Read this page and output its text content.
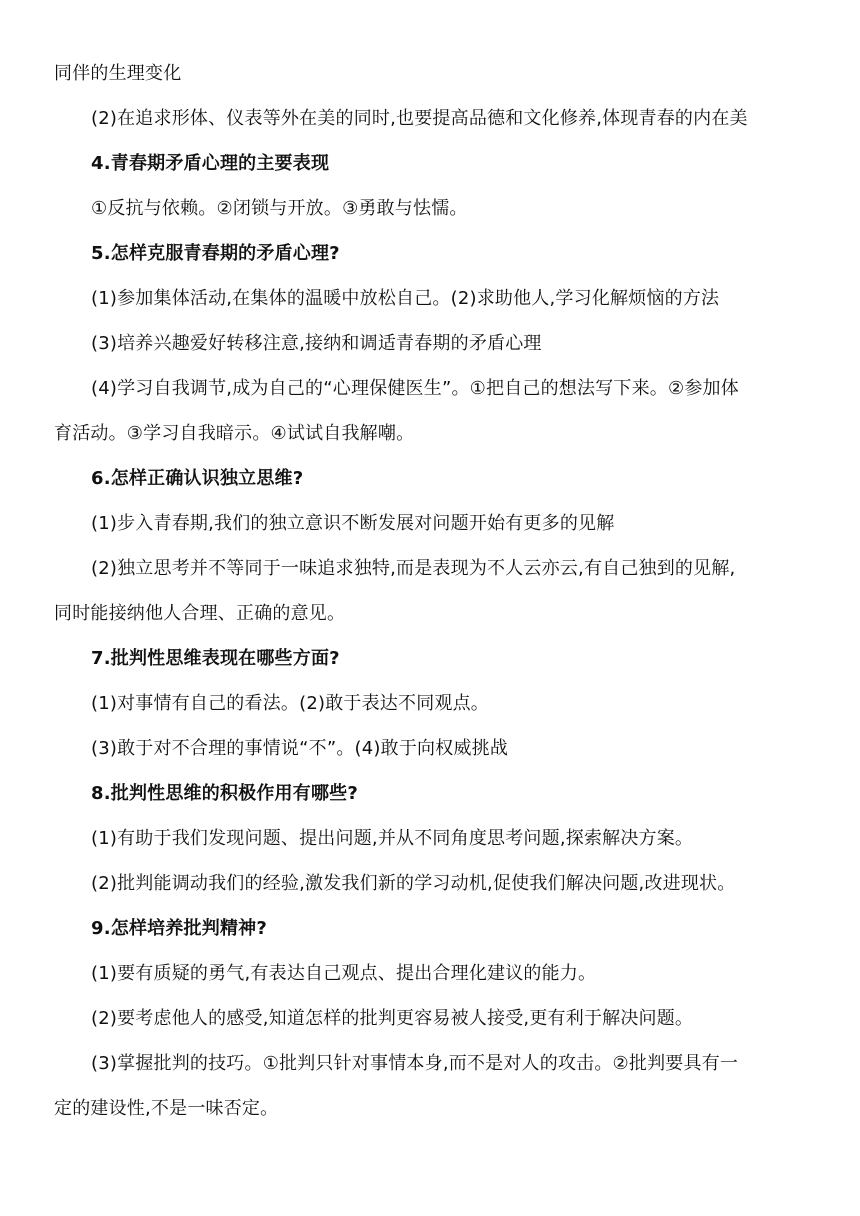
同伴的生理变化
(2)在追求形体、仪表等外在美的同时,也要提高品德和文化修养,体现青春的内在美
4.青春期矛盾心理的主要表现
①反抗与依赖。②闭锁与开放。③勇敢与怯懦。
5.怎样克服青春期的矛盾心理?
(1)参加集体活动,在集体的温暖中放松自己。(2)求助他人,学习化解烦恼的方法
(3)培养兴趣爱好转移注意,接纳和调适青春期的矛盾心理
(4)学习自我调节,成为自己的“心理保健医生”。①把自己的想法写下来。②参加体
育活动。③学习自我暗示。④试试自我解嘲。
6.怎样正确认识独立思维?
(1)步入青春期,我们的独立意识不断发展对问题开始有更多的见解
(2)独立思考并不等同于一味追求独特,而是表现为不人云亦云,有自己独到的见解,
同时能接纳他人合理、正确的意见。
7.批判性思维表现在哪些方面?
(1)对事情有自己的看法。(2)敢于表达不同观点。
(3)敢于对不合理的事情说“不”。(4)敢于向权威挑战
8.批判性思维的积极作用有哪些?
(1)有助于我们发现问题、提出问题,并从不同角度思考问题,探索解决方案。
(2)批判能调动我们的经验,激发我们新的学习动机,促使我们解决问题,改进现状。
9.怎样培养批判精神?
(1)要有质疑的勇气,有表达自己观点、提出合理化建议的能力。
(2)要考虑他人的感受,知道怎样的批判更容易被人接受,更有利于解决问题。
(3)掌握批判的技巧。①批判只针对事情本身,而不是对人的攻击。②批判要具有一
定的建设性,不是一味否定。
